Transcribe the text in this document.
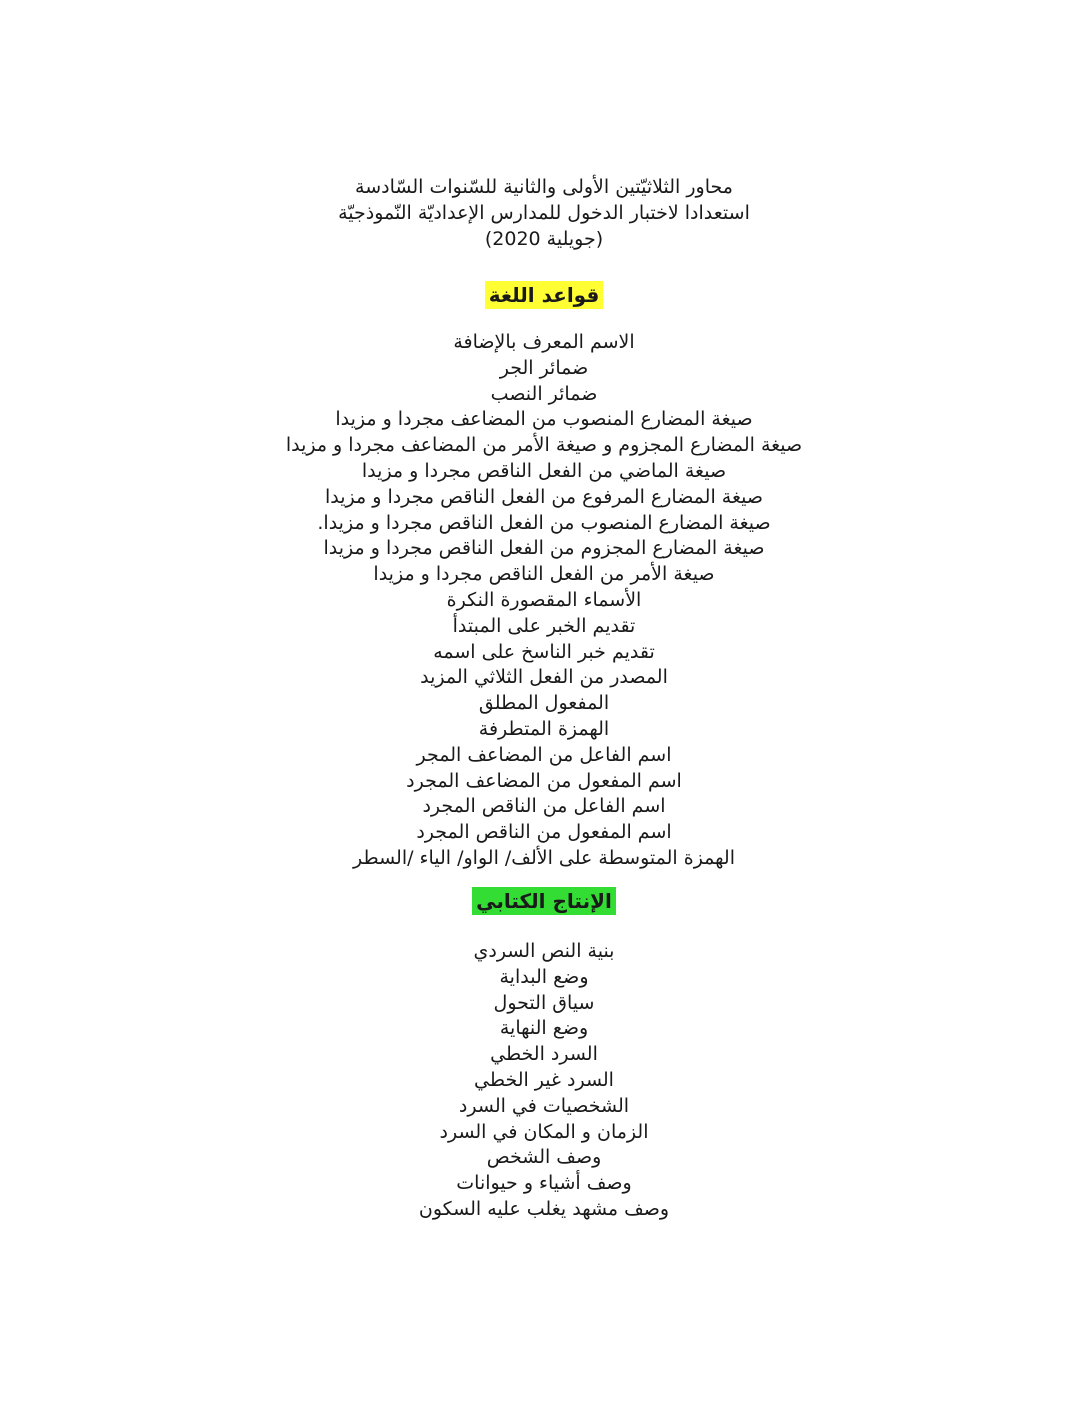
محاور الثلاثيّتين الأولى والثانية للسّنوات السّادسة
استعدادا لاختبار الدخول للمدارس الإعداديّة النّموذجيّة
(جويلية 2020)
قواعد اللغة
الاسم المعرف بالإضافة
ضمائر الجر
ضمائر النصب
صيغة المضارع المنصوب من المضاعف مجردا و مزيدا
صيغة المضارع المجزوم و صيغة الأمر من المضاعف مجردا و مزيدا
صيغة الماضي من الفعل الناقص مجردا و مزيدا
صيغة المضارع المرفوع من الفعل الناقص مجردا و مزيدا
صيغة المضارع المنصوب من الفعل الناقص مجردا و مزيدا.
صيغة المضارع المجزوم من الفعل الناقص مجردا و مزيدا
صيغة الأمر من الفعل الناقص مجردا و مزيدا
الأسماء المقصورة النكرة
تقديم الخبر على المبتدأ
تقديم خبر الناسخ على اسمه
المصدر من الفعل الثلاثي المزيد
المفعول المطلق
الهمزة المتطرفة
اسم الفاعل من المضاعف المجر
اسم المفعول من المضاعف المجرد
اسم الفاعل من الناقص المجرد
اسم المفعول من الناقص المجرد
الهمزة المتوسطة على الألف/ الواو/ الياء /السطر
الإنتاج الكتابي
بنية النص السردي
وضع البداية
سياق التحول
وضع النهاية
السرد الخطي
السرد غير الخطي
الشخصيات في السرد
الزمان و المكان في السرد
وصف الشخص
وصف أشياء و حيوانات
وصف مشهد يغلب عليه السكون
